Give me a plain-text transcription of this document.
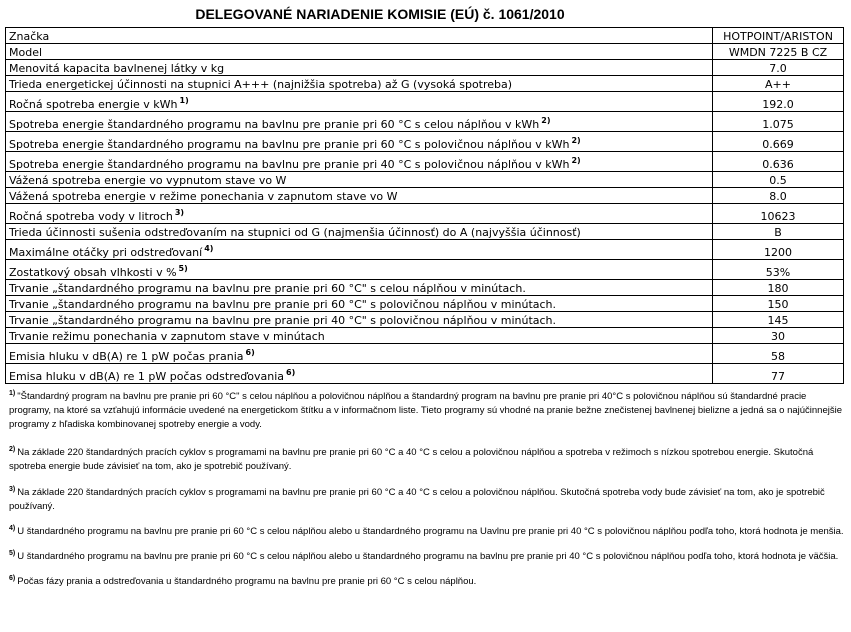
DELEGOVANÉ NARIADENIE KOMISIE (EÚ) č. 1061/2010
Značka	HOTPOINT/ARISTON
Model	WMDN 7225 B CZ
Menovitá kapacita bavlnenej látky v kg	7.0
Trieda energetickej účinnosti na stupnici A+++ (najnižšia spotreba) až G (vysoká spotreba)	A++
Ročná spotreba energie v kWh $^{1)}$	192.0
Spotreba energie štandardného programu na bavlnu pre pranie pri 60 °C s celou náplňou v kWh $^{2)}$	1.075
Spotreba energie štandardného programu na bavlnu pre pranie pri 60 °C s polovičnou náplňou v kWh $^{2)}$	0.669
Spotreba energie štandardného programu na bavlnu pre pranie pri 40 °C s polovičnou náplňou v kWh $^{2)}$	0.636
Vážená spotreba energie vo vypnutom stave vo W	0.5
Vážená spotreba energie v režime ponechania v zapnutom stave vo W	8.0
Ročná spotreba vody v litroch $^{3)}$	10623
Trieda účinnosti sušenia odstreďovaním na stupnici od G (najmenšia účinnosť) do A (najvyššia účinnosť)	B
Maximálne otáčky pri odstreďovaní $^{4)}$	1200
Zostatkový obsah vlhkosti v % $^{5)}$	53%
Trvanie „štandardného programu na bavlnu pre pranie pri 60 °C" s celou náplňou v minútach.	180
Trvanie „štandardného programu na bavlnu pre pranie pri 60 °C" s polovičnou náplňou v minútach.	150
Trvanie „štandardného programu na bavlnu pre pranie pri 40 °C" s polovičnou náplňou v minútach.	145
Trvanie režimu ponechania v zapnutom stave v minútach	30
Emisia hluku v dB(A) re 1 pW počas prania $^{6)}$	58
Emisa hluku v dB(A) re 1 pW počas odstreďovania $^{6)}$	77

$^{1)}$ "Štandardný program na bavlnu pre pranie pri 60 °C" s celou náplňou a polovičnou náplňou a štandardný program na bavlnu pre pranie pri 40°C s polovičnou náplňou sú štandardné pracie programy, na ktoré sa vzťahujú informácie uvedené na energetickom štítku a v informačnom liste. Tieto programy sú vhodné na pranie bežne znečistenej bavlnenej bielizne a jedná sa o najúčinnejšie programy z hľadiska kombinovanej spotreby energie a vody.

$^{2)}$ Na základe 220 štandardných pracích cyklov s programami na bavlnu pre pranie pri 60 °C a 40 °C s celou a polovičnou náplňou a spotreba v režimoch s nízkou spotrebou energie. Skutočná spotreba energie bude závisieť na tom, ako je spotrebič používaný.

$^{3)}$ Na základe 220 štandardných pracích cyklov s programami na bavlnu pre pranie pri 60 °C a 40 °C s celou a polovičnou náplňou. Skutočná spotreba vody bude závisieť na tom, ako je spotrebič používaný.

$^{4)}$ U štandardného programu na bavlnu pre pranie pri 60 °C s celou náplňou alebo u štandardného programu na Uavlnu pre pranie pri 40 °C s polovičnou náplňou podľa toho, ktorá hodnota je menšia.

$^{5)}$ U štandardného programu na bavlnu pre pranie pri 60 °C s celou náplňou alebo u štandardného programu na bavlnu pre pranie pri 40 °C s polovičnou náplňou podľa toho, ktorá hodnota je väčšia.

$^{6)}$ Počas fázy prania a odstreďovania u štandardného programu na bavlnu pre pranie pri 60 °C s celou náplňou.
